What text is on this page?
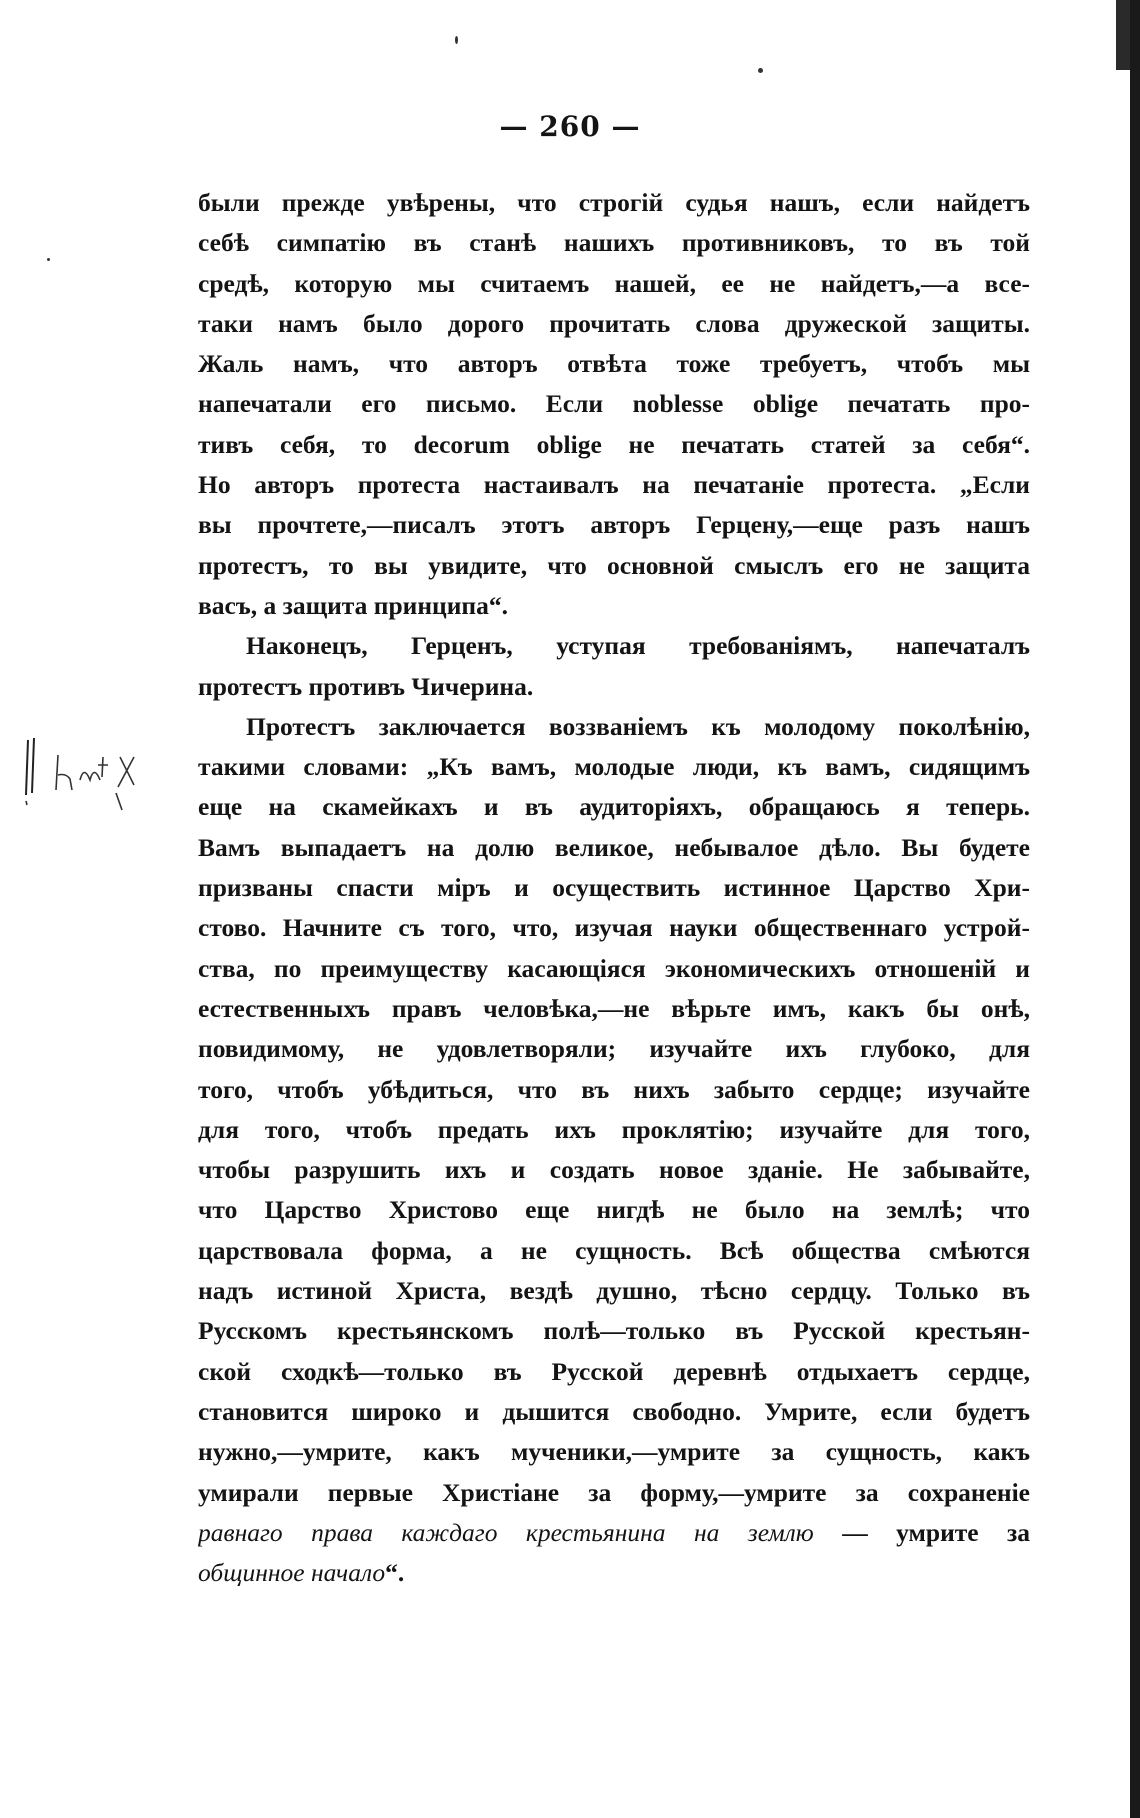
— 260 —
были прежде увѣрены, что строгій судья нашъ, если найдетъ
себѣ симпатію въ станѣ нашихъ противниковъ, то въ той
средѣ, которую мы считаемъ нашей, ее не найдетъ,—а все-
таки намъ было дорого прочитать слова дружеской защиты.
Жаль намъ, что авторъ отвѣта тоже требуетъ, чтобъ мы
напечатали его письмо. Если noblesse oblige печатать про-
тивъ себя, то decorum oblige не печатать статей за себя“.
Но авторъ протеста настаивалъ на печатаніе протеста. „Если
вы прочтете,—писалъ этотъ авторъ Герцену,—еще разъ нашъ
протестъ, то вы увидите, что основной смыслъ его не защита
васъ, а защита принципа“.
Наконецъ, Герценъ, уступая требованіямъ, напечаталъ
протестъ противъ Чичерина.
Протестъ заключается воззваніемъ къ молодому поколѣнію,
такими словами: „Къ вамъ, молодые люди, къ вамъ, сидящимъ
еще на скамейкахъ и въ аудиторіяхъ, обращаюсь я теперь.
Вамъ выпадаетъ на долю великое, небывалое дѣло. Вы будете
призваны спасти міръ и осуществить истинное Царство Хри-
стово. Начните съ того, что, изучая науки общественнаго устрой-
ства, по преимуществу касающіяся экономическихъ отношеній и
естественныхъ правъ человѣка,—не вѣрьте имъ, какъ бы онѣ,
повидимому, не удовлетворяли; изучайте ихъ глубоко, для
того, чтобъ убѣдиться, что въ нихъ забыто сердце; изучайте
для того, чтобъ предать ихъ проклятію; изучайте для того,
чтобы разрушить ихъ и создать новое зданіе. Не забывайте,
что Царство Христово еще нигдѣ не было на землѣ; что
царствовала форма, а не сущность. Всѣ общества смѣются
надъ истиной Христа, вездѣ душно, тѣсно сердцу. Только въ
Русскомъ крестьянскомъ полѣ—только въ Русской крестьян-
ской сходкѣ—только въ Русской деревнѣ отдыхаетъ сердце,
становится широко и дышится свободно. Умрите, если будетъ
нужно,—умрите, какъ мученики,—умрите за сущность, какъ
умирали первые Христіане за форму,—умрите за сохраненіе
равнаго права каждаго крестьянина на землю — умрите за
общинное начало“.
